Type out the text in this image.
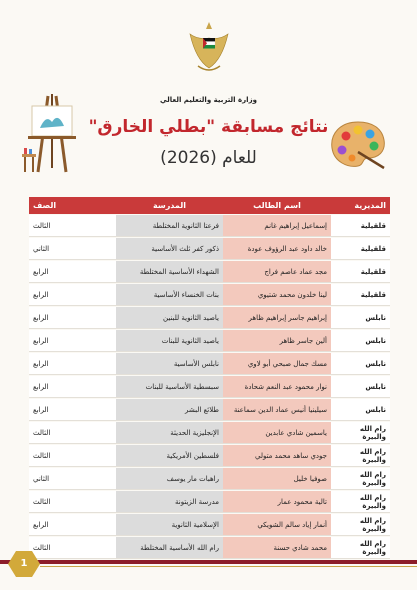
وزارة التربية والتعليم العالي
نتائج مسابقة "بطلي الخارق"
للعام (2026)
المديرية	اسم الطالب	المدرسة	الصف
قلقيلية	إسماعيل إبراهيم غانم	فرعتا الثانوية المختلطة	الثالث
قلقيلية	خالد داود عبد الرؤوف عودة	ذكور كفر ثلث الأساسية	الثاني
قلقيلية	مجد عماد عاصم فراج	الشهداء الأساسية المختلطة	الرابع
قلقيلية	لينا خلدون محمد شتيوي	بنات الخنساء الأساسية	الرابع
نابلس	إبراهيم جاسر إبراهيم ظاهر	ياصيد الثانوية للبنين	الرابع
نابلس	ألين جاسر ظاهر	ياصيد الثانوية للبنات	الرابع
نابلس	مسك جمال صبحي أبو لاوي	نابلس الأساسية	الرابع
نابلس	نوار محمود عبد النعم شحادة	سبسطية الأساسية للبنات	الرابع
نابلس	سيلينيا أنيس عماد الدين سماعنة	طلائع البشر	الرابع
رام الله والبيرة	ياسمين شادي عابدين	الإنجليزية الحديثة	الثالث
رام الله والبيرة	جودي ساهد محمد متولي	فلسطين الأمريكية	الثالث
رام الله والبيرة	صوفيا خليل	راهبات مار يوسف	الثاني
رام الله والبيرة	تالية محمود عمار	مدرسة الزيتونة	الثالث
رام الله والبيرة	أنمار إياد سالم الشويكي	الإسلامية الثانوية	الرابع
رام الله والبيرة	محمد شادي حسنة	رام الله الأساسية المختلطة	الثالث
1
